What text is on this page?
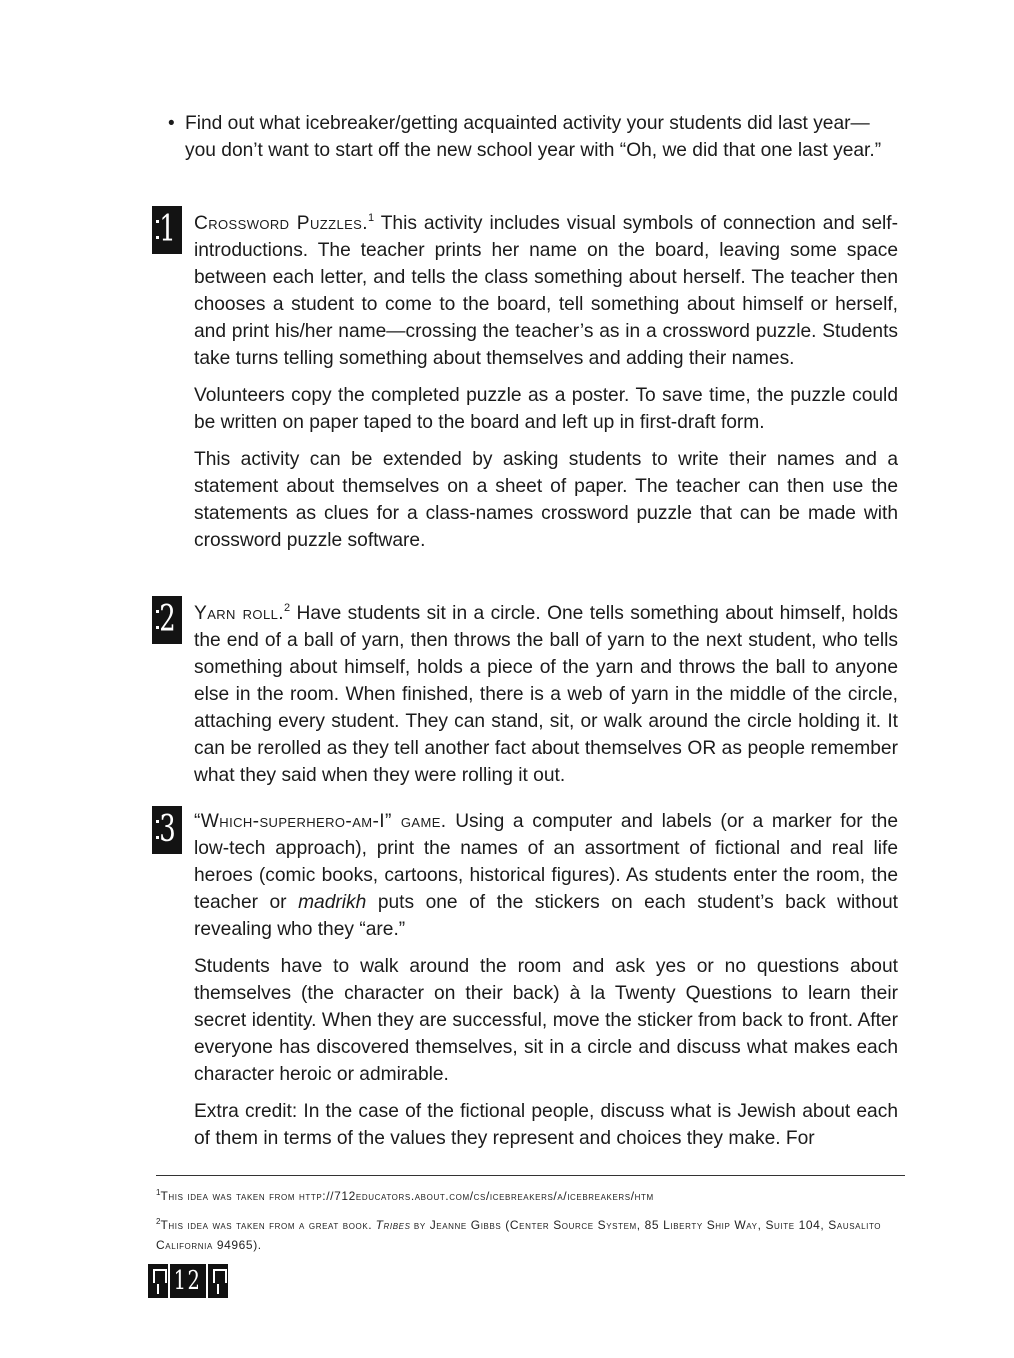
• Find out what icebreaker/getting acquainted activity your students did last year—you don’t want to start off the new school year with “Oh, we did that one last year.”

1 Crossword Puzzles.$^1$ This activity includes visual symbols of connection and self-introductions. The teacher prints her name on the board, leaving some space between each letter, and tells the class something about herself. The teacher then chooses a student to come to the board, tell something about himself or herself, and print his/her name—crossing the teacher’s as in a crossword puzzle. Students take turns telling something about themselves and adding their names.

Volunteers copy the completed puzzle as a poster. To save time, the puzzle could be written on paper taped to the board and left up in first-draft form.

This activity can be extended by asking students to write their names and a statement about themselves on a sheet of paper. The teacher can then use the statements as clues for a class-names crossword puzzle that can be made with crossword puzzle software.

2 Yarn roll.$^2$ Have students sit in a circle. One tells something about himself, holds the end of a ball of yarn, then throws the ball of yarn to the next student, who tells something about himself, holds a piece of the yarn and throws the ball to anyone else in the room. When finished, there is a web of yarn in the middle of the circle, attaching every student. They can stand, sit, or walk around the circle holding it. It can be rerolled as they tell another fact about themselves OR as people remember what they said when they were rolling it out.

3 “Which-superhero-am-I” game. Using a computer and labels (or a marker for the low-tech approach), print the names of an assortment of fictional and real life heroes (comic books, cartoons, historical figures). As students enter the room, the teacher or madrikh puts one of the stickers on each student’s back without revealing who they “are.”

Students have to walk around the room and ask yes or no questions about themselves (the character on their back) à la Twenty Questions to learn their secret identity. When they are successful, move the sticker from back to front. After everyone has discovered themselves, sit in a circle and discuss what makes each character heroic or admirable.

Extra credit: In the case of the fictional people, discuss what is Jewish about each of them in terms of the values they represent and choices they make. For

$^1$This idea was taken from http://712educators.about.com/cs/icebreakers/a/icebreakers/htm

$^2$This idea was taken from a great book. Tribes by Jeanne Gibbs (Center Source System, 85 Liberty Ship Way, Suite 104, Sausalito California 94965).

12
